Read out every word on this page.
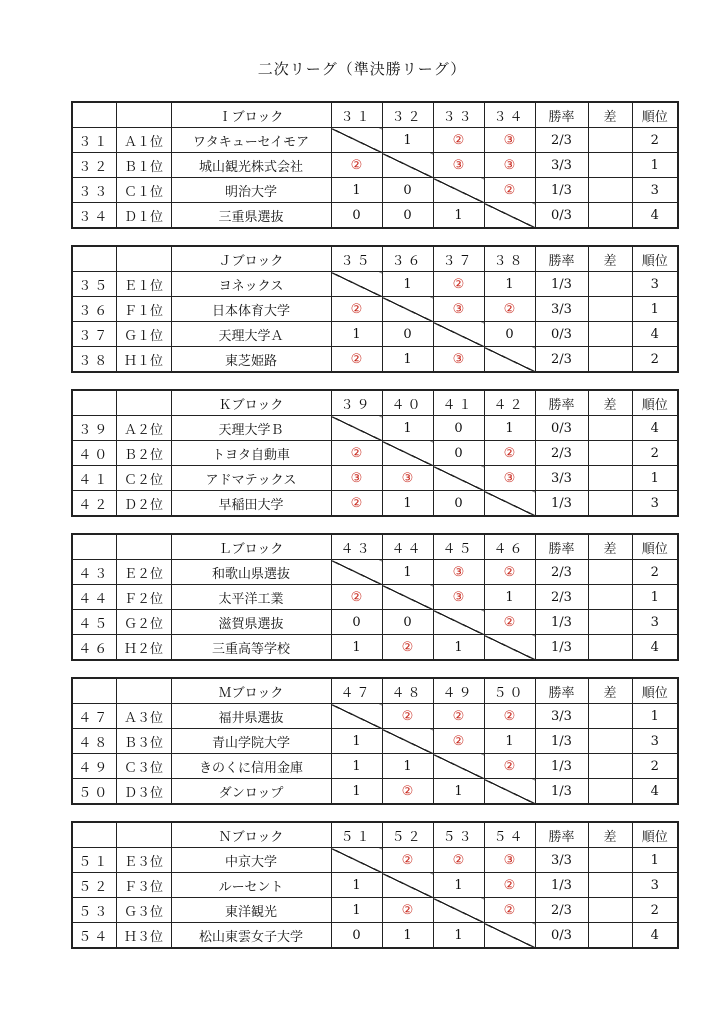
二次リーグ（準決勝リーグ）
		Ｉブロック	３１	３２	３３	３４	勝率	差	順位
３１	Ａ１位	ワタキューセイモア		1	②	③	2/3		2
３２	Ｂ１位	城山観光株式会社	②		③	③	3/3		1
３３	Ｃ１位	明治大学	1	0		②	1/3		3
３４	Ｄ１位	三重県選抜	0	0	1		0/3		4
		Ｊブロック	３５	３６	３７	３８	勝率	差	順位
３５	Ｅ１位	ヨネックス		1	②	1	1/3		3
３６	Ｆ１位	日本体育大学	②		③	②	3/3		1
３７	Ｇ１位	天理大学Ａ	1	0		0	0/3		4
３８	Ｈ１位	東芝姫路	②	1	③		2/3		2
		Ｋブロック	３９	４０	４１	４２	勝率	差	順位
３９	Ａ２位	天理大学Ｂ		1	0	1	0/3		4
４０	Ｂ２位	トヨタ自動車	②		0	②	2/3		2
４１	Ｃ２位	アドマテックス	③	③		③	3/3		1
４２	Ｄ２位	早稲田大学	②	1	0		1/3		3
		Ｌブロック	４３	４４	４５	４６	勝率	差	順位
４３	Ｅ２位	和歌山県選抜		1	③	②	2/3		2
４４	Ｆ２位	太平洋工業	②		③	1	2/3		1
４５	Ｇ２位	滋賀県選抜	0	0		②	1/3		3
４６	Ｈ２位	三重高等学校	1	②	1		1/3		4
		Ｍブロック	４７	４８	４９	５０	勝率	差	順位
４７	Ａ３位	福井県選抜		②	②	②	3/3		1
４８	Ｂ３位	青山学院大学	1		②	1	1/3		3
４９	Ｃ３位	きのくに信用金庫	1	1		②	1/3		2
５０	Ｄ３位	ダンロップ	1	②	1		1/3		4
		Ｎブロック	５１	５２	５３	５４	勝率	差	順位
５１	Ｅ３位	中京大学		②	②	③	3/3		1
５２	Ｆ３位	ルーセント	1		1	②	1/3		3
５３	Ｇ３位	東洋観光	1	②		②	2/3		2
５４	Ｈ３位	松山東雲女子大学	0	1	1		0/3		4
